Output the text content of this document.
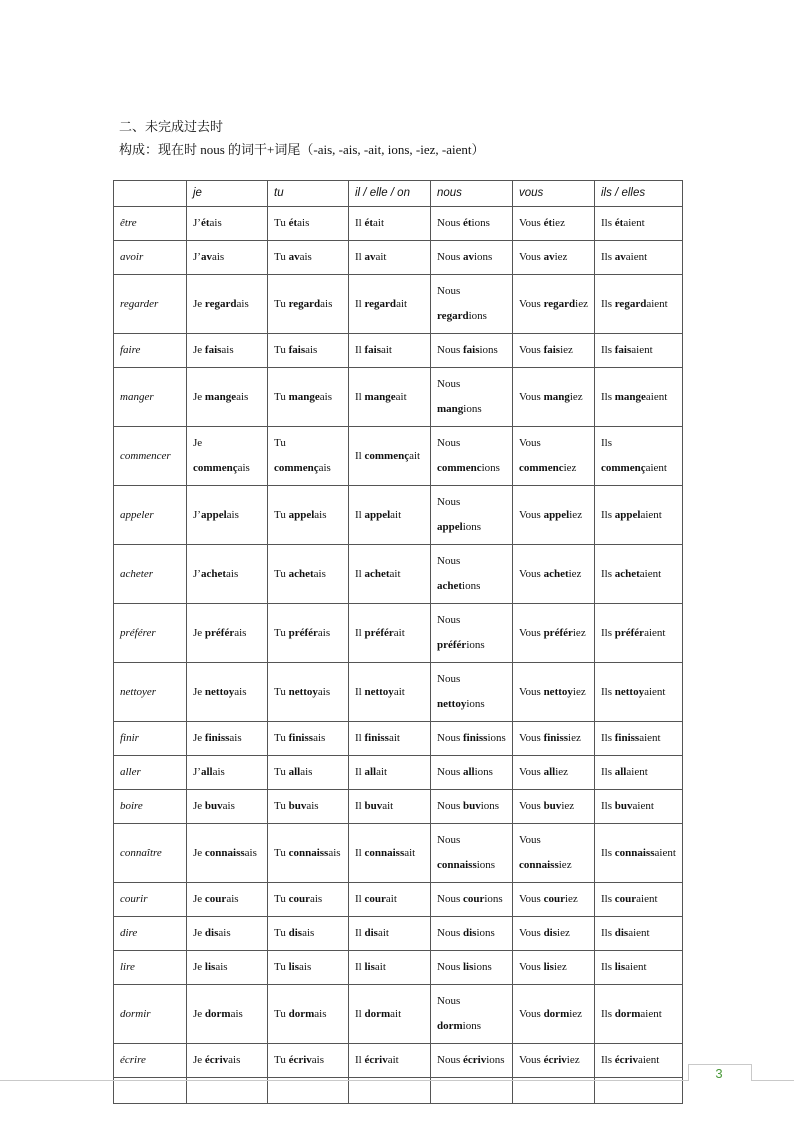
二、未完成过去时
构成：现在时 nous 的词干+词尾（-ais, -ais, -ait, ions, -iez, -aient）
	je	tu	il / elle / on	nous	vous	ils / elles
être	J’étais	Tu étais	Il était	Nous étions	Vous étiez	Ils étaient
avoir	J’avais	Tu avais	Il avait	Nous avions	Vous aviez	Ils avaient
regarder	Je regardais	Tu regardais	Il regardait	Nous regardions	Vous regardiez	Ils regardaient
faire	Je faisais	Tu faisais	Il faisait	Nous faisions	Vous faisiez	Ils faisaient
manger	Je mangeais	Tu mangeais	Il mangeait	Nous mangions	Vous mangiez	Ils mangeaient
commencer	Je commençais	Tu commençais	Il commençait	Nous commencions	Vous commenciez	Ils commençaient
appeler	J’appelais	Tu appelais	Il appelait	Nous appelions	Vous appeliez	Ils appelaient
acheter	J’achetais	Tu achetais	Il achetait	Nous achetions	Vous achetiez	Ils achetaient
préférer	Je préférais	Tu préférais	Il préférait	Nous préférions	Vous préfériez	Ils préféraient
nettoyer	Je nettoyais	Tu nettoyais	Il nettoyait	Nous nettoyions	Vous nettoyiez	Ils nettoyaient
finir	Je finissais	Tu finissais	Il finissait	Nous finissions	Vous finissiez	Ils finissaient
aller	J’allais	Tu allais	Il allait	Nous allions	Vous alliez	Ils allaient
boire	Je buvais	Tu buvais	Il buvait	Nous buvions	Vous buviez	Ils buvaient
connaître	Je connaissais	Tu connaissais	Il connaissait	Nous connaissions	Vous connaissiez	Ils connaissaient
courir	Je courais	Tu courais	Il courait	Nous courions	Vous couriez	Ils couraient
dire	Je disais	Tu disais	Il disait	Nous disions	Vous disiez	Ils disaient
lire	Je lisais	Tu lisais	Il lisait	Nous lisions	Vous lisiez	Ils lisaient
dormir	Je dormais	Tu dormais	Il dormait	Nous dormions	Vous dormiez	Ils dormaient
écrire	Je écrivais	Tu écrivais	Il écrivait	Nous écrivions	Vous écriviez	Ils écrivaient

3
